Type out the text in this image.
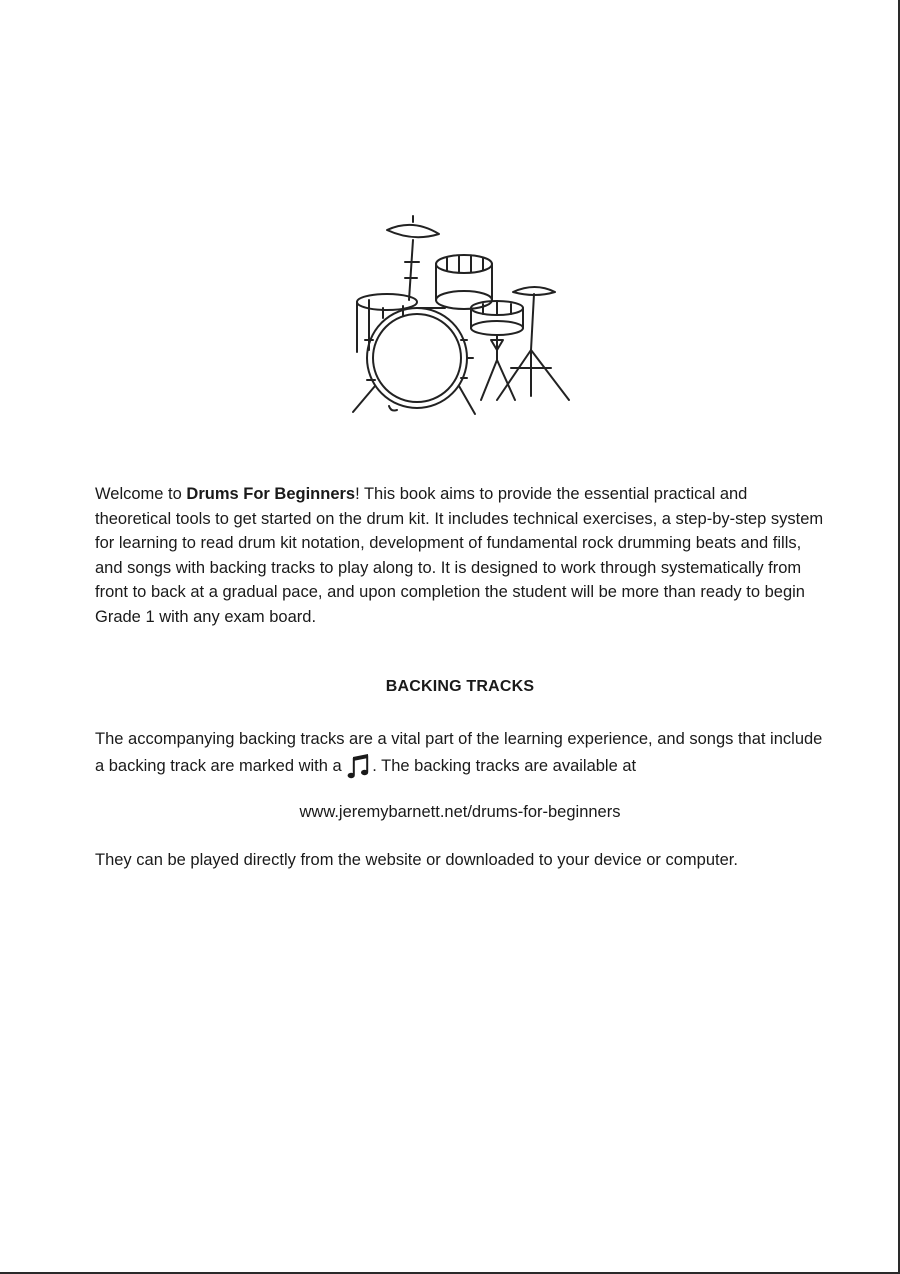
Welcome to Drums For Beginners! This book aims to provide the essential practical and theoretical tools to get started on the drum kit. It includes technical exercises, a step-by-step system for learning to read drum kit notation, development of fundamental rock drumming beats and fills, and songs with backing tracks to play along to. It is designed to work through systematically from front to back at a gradual pace, and upon completion the student will be more than ready to begin Grade 1 with any exam board.
BACKING TRACKS
The accompanying backing tracks are a vital part of the learning experience, and songs that include a backing track are marked with a . The backing tracks are available at
www.jeremybarnett.net/drums-for-beginners
They can be played directly from the website or downloaded to your device or computer.
